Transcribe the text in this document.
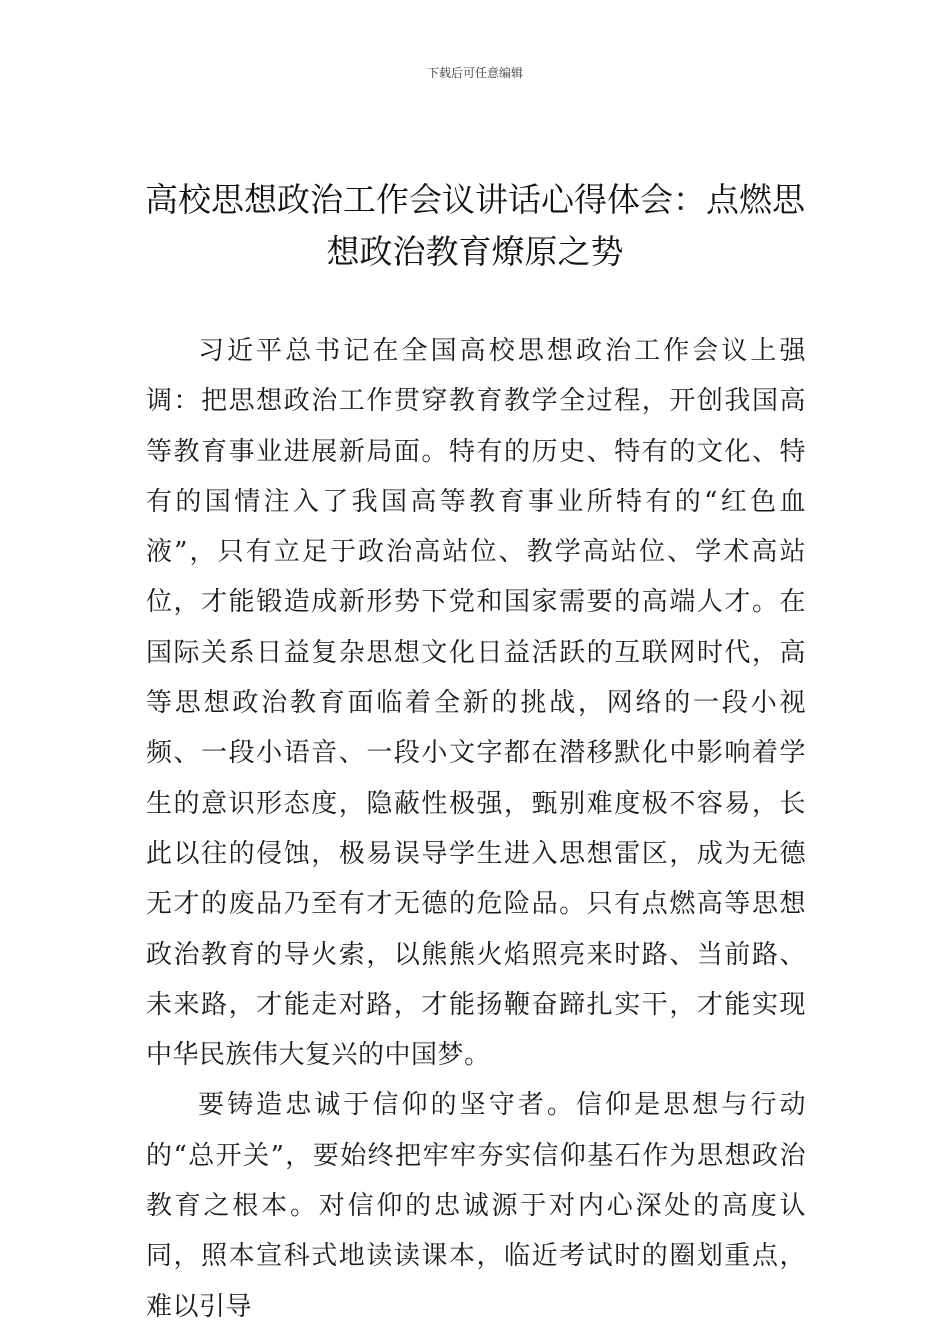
下载后可任意编辑
高校思想政治工作会议讲话心得体会：点燃思想政治教育燎原之势

习近平总书记在全国高校思想政治工作会议上强调：把思想政治工作贯穿教育教学全过程，开创我国高等教育事业进展新局面。特有的历史、特有的文化、特有的国情注入了我国高等教育事业所特有的“红色血液”，只有立足于政治高站位、教学高站位、学术高站位，才能锻造成新形势下党和国家需要的高端人才。在国际关系日益复杂思想文化日益活跃的互联网时代，高等思想政治教育面临着全新的挑战，网络的一段小视频、一段小语音、一段小文字都在潜移默化中影响着学生的意识形态度，隐蔽性极强，甄别难度极不容易，长此以往的侵蚀，极易误导学生进入思想雷区，成为无德无才的废品乃至有才无德的危险品。只有点燃高等思想政治教育的导火索，以熊熊火焰照亮来时路、当前路、未来路，才能走对路，才能扬鞭奋蹄扎实干，才能实现中华民族伟大复兴的中国梦。

要铸造忠诚于信仰的坚守者。信仰是思想与行动的“总开关”，要始终把牢牢夯实信仰基石作为思想政治教育之根本。对信仰的忠诚源于对内心深处的高度认同，照本宣科式地读读课本，临近考试时的圈划重点，难以引导
